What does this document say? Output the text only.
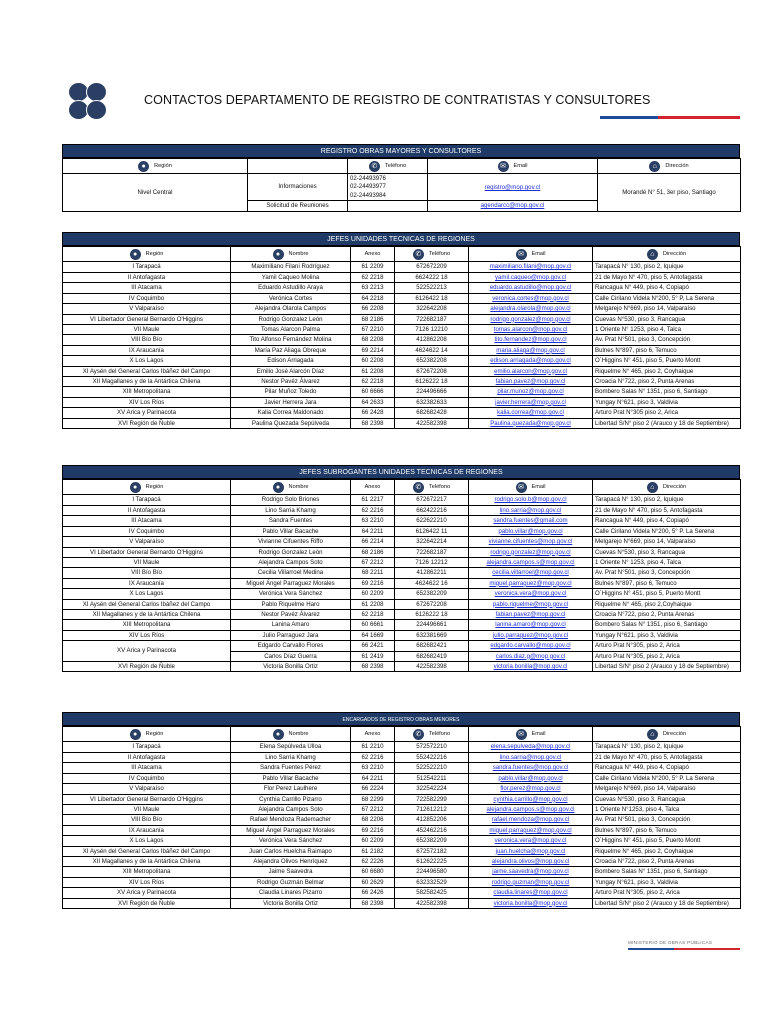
CONTACTOS DEPARTAMENTO DE REGISTRO DE CONTRATISTAS Y CONSULTORES
REGISTRO OBRAS MAYORES Y CONSULTORES
● Región		✆ Teléfono	✉ Email	⌂ Dirección
Nivel Central	Informaciones	02-24493976
02-24493977
02-24493984	registro@mop.gov.cl	Morandé N° 51, 3er piso, Santiago
	Solicitud de Reuniones		agendarcc@mop.gov.cl	
JEFES UNIDADES TECNICAS DE REGIONES
● Región	● Nombre	Anexo	✆ Teléfono	✉ Email	⌂ Dirección
I Tarapacá	Maximiliano Filani Rodríguez	61 2209	672672209	maximiliano.filani@mop.gov.cl	Tarapacá N° 130, piso 2, Iquique
II Antofagasta	Yamil Caqueo Molina	62 2218	6624222 18	yamil.caqueo@mop.gov.cl	21 de Mayo N° 470, piso 5, Antofagasta
III Atacama	Eduardo Astudillo Araya	63 2213	522522213	eduardo.astudillo@mop.gov.cl	Rancagua N° 449, piso 4, Copiapó
IV Coquimbo	Verónica Cortes	64 2218	6126422 18	veronica.cortes@mop.gov.cl	Calle Cirilano Videla N°200, 5° P, La Serena
V Valparaíso	Alejandra Olarola Campos	66 2208	322642208	alejandra.olarola@mop.gov.cl	Melgarejo N°669, piso 14, Valparaíso
VI Libertador General Bernardo O'Higgins	Rodrigo Gonzalez León	68 2186	722682187	rodrigo.gonzalez@mop.gov.cl	Cuevas N°530, piso 3, Rancagua
VII Maule	Tomas Alarcon Palma	67 2210	7126 12210	tomas.alarcon@mop.gov.cl	1 Oriente N° 1253, piso 4, Talca
VIII Bío Bío	Tito Alfonso Fernández Molina	68 2208	412862208	tito.fernandez@mop.gov.cl	Av. Prat N°501, piso 3, Concepción
IX Araucanía	María Paz Aliaga Obreque	69 2214	4624622 14	maria.aliaga@mop.gov.cl	Bulnes N°897, piso 6, Temuco
X Los Lagos	Edison Arriagada	60 2208	652382208	edison.arriagada@mop.gov.cl	O´Higgins N° 451, piso 5, Puerto Montt
XI Aysén del General Carlos Ibáñez del Campo	Emilio José Alarcón Díaz	61 2208	672672208	emilio.alarcon@mop.gov.cl	Riquelme N° 465, piso 2, Coyhaique
XII Magallanes y de la Antártica Chilena	Nestor Pavéz Álvarez	62 2218	6126222 18	fabian.pavez@mop.gov.cl	Croacia N°722, piso 2, Punta Arenas
XIII Metropolitana	Pilar Muñoz Toledo	60 6666	224496666	pilar.munoz@mop.gov.cl	Bombero Salas N° 1351, piso 6, Santiago
XIV Los Ríos	Javier Herrera Jara	64 2633	632382633	javier.herrera@mop.gov.cl	Yungay N°621, piso 3, Valdivia
XV Arica y Parinacota	Kalia Correa Maldonado	66 2428	682682428	kalia.correa@mop.gov.cl	Arturo Prat N°305 piso 2, Arica
XVI Región de Ñuble	Paulina Quezada Sepúlveda	68 2398	422582398	Paulina.quezada@mop.gov.cl	Libertad S/N° piso 2 (Arauco y 18 de Septiembre)
JEFES SUBROGANTES UNIDADES TECNICAS DE REGIONES
● Región	● Nombre	Anexo	✆ Teléfono	✉ Email	⌂ Dirección
I Tarapacá	Rodrigo Solo Briones	61 2217	672672217	rodrigo.solo.b@mop.gov.cl	Tarapacá N° 130, piso 2, Iquique
II Antofagasta	Lino Sarria Khamg	62 2216	662422216	lino.sarria@mop.gov.cl	21 de Mayo N° 470, piso 5, Antofagasta
III Atacama	Sandra Fuentes	63 2210	622622210	sandra.fuentes@gmail.com	Rancagua N° 449, piso 4, Copiapó
IV Coquimbo	Pablo Villar Bacache	64 2211	6126422 11	pablo.villar@mop.gov.cl	Calle Cirilano Videla N°200, 5° P. La Serena
V Valparaíso	Vivianne Cifuentes Riffo	66 2214	322642214	vivianne.cifuentes@mop.gov.cl	Melgarejo N°669, piso 14, Valparaíso
VI Libertador General Bernardo O'Higgins	Rodrigo Gonzalez León	68 2186	722682187	rodrigo.gonzalez@mop.gov.cl	Cuevas N°530, piso 3, Rancagua
VII Maule	Alejandra Campos Soto	67 2212	7126 12212	alejandra.campos.s@mop.gov.cl	1 Oriente N° 1253, piso 4, Talca
VIII Bío Bío	Cecilia Villarroel Medina	68 2211	412862211	cecilia.villarroel@mop.gov.cl	Av. Prat N°501, piso 3, Concepción
IX Araucanía	Miguel Ángel Parraguez Morales	69 2216	4624622 16	miguel.parraguez@mop.gov.cl	Bulnes N°897, piso 6, Temuco
X Los Lagos	Verónica Vera Sánchez	60 2209	652382209	veronica.vera@mop.gov.cl	O´Higgins N° 451, piso 5, Puerto Montt
XI Aysén del General Carlos Ibáñez del Campo	Pablo Riquelme Haro	61 2208	672672208	pablo.riquelme@mop.gov.cl	Riquelme N° 465, piso 2,Coyhaique
XII Magallanes y de la Antártica Chilena	Nestor Pavéz Álvarez	62 2218	6126222 18	fabian.pavez@mop.gov.cl	Croacia N°722, piso 2, Punta Arenas
XIII Metropolitana	Lanina Amaro	60 6661	224496661	lanina.amaro@mop.gov.cl	Bombero Salas N° 1351, piso 6, Santiago
XIV Los Ríos	Julio Parraguez Jara	64 1669	632381669	julio.parraguez@mop.gov.cl	Yungay N°621, piso 3, Valdivia
XV Arica y Parinacota	Edgardo Carvallo Flores	66 2421	682682421	edgardo.carvallo@mop.gov.cl	Arturo Prat N°305, piso 2, Arica
	Carlos Díaz Guerra	61 2419	682682419	carlos.diaz.g@mop.gov.cl	Arturo Prat N°305, piso 2, Arica
XVI Región de Ñuble	Victoria Bonilla Ortiz	68 2398	422582398	victoria.bonilla@mop.gov.cl	Libertad S/N° piso 2 (Arauco y 18 de Septiembre)
ENCARGADOS DE REGISTRO OBRAS MENORES
● Región	● Nombre	Anexo	✆ Teléfono	✉ Email	⌂ Dirección
I Tarapacá	Elena Sepúlveda Ulloa	61 2210	572572210	elena.sepulveda@mop.gov.cl	Tarapacá N° 130, piso 2, Iquique
II Antofagasta	Lino Sarria Khamg	62 2216	552422216	lino.sarria@mop.gov.cl	21 de Mayo N° 470, piso 5, Antofagasta
III Atacama	Sandra Fuentes Pérez	63 2210	522522210	sandra.fuentes@mop.gov.cl	Rancagua N° 449, piso 4, Copiapó
IV Coquimbo	Pablo Villar Bacache	64 2211	512542211	pablo.villar@mop.gov.cl	Calle Cirilano Videla N°200, 5° P. La Serena
V Valparaíso	Flor Perez Laulhere	66 2224	322542224	flor.perez@mop.gov.cl	Melgarejo N°669, piso 14, Valparaíso
VI Libertador General Bernardo O'Higgins	Cynthia Carrillo Pizarro	68 2299	722582299	cynthia.carrillo@mop.gov.cl	Cuevas N°530, piso 3, Rancagua
VII Maule	Alejandra Campos Soto	67 2212	712612212	alejandra.campos.s@mop.gov.cl	1 Oriente N°1253, piso 4, Talca
VIII Bío Bío	Rafael Mendoza Rademacher	68 2206	412852206	rafael.mendoza@mop.gov.cl	Av. Prat N°501, piso 3, Concepción
IX Araucanía	Miguel Ángel Parraguez Morales	69 2216	452462216	miguel.parraguez@mop.gov.cl	Bulnes N°897, piso 6, Temuco
X Los Lagos	Verónica Vera Sánchez	60 2209	652382209	veronica.vera@mop.gov.cl	O´Higgins N° 451, piso 5, Puerto Montt
XI Aysén del General Carlos Ibáñez del Campo	Juan Carlos Huelcha Raimapo	61 2182	672572182	juan.huelcha@mop.gov.cl	Riquelme N° 465, piso 2, Coyhaique
XII Magallanes y de la Antártica Chilena	Alejandra Olivos Henríquez	62 2226	612622225	alejandra.olivos@mop.gov.cl	Croacia N°722, piso 2, Punta Arenas
XIII Metropolitana	Jaime Saavedra	60 6680	224496580	jaime.saavedra@mop.gov.cl	Bombero Salas N° 1351, piso 6, Santiago
XIV Los Ríos	Rodrigo Guzmán Belmar	60 2629	632332529	rodrigo.guzman@mop.gov.cl	Yungay N°621, piso 3, Valdivia
XV Arica y Parinacota	Claudia Linares Pizarro	66 2426	582582425	claudia.linares@mop.gov.cl	Arturo Prat N°305, piso 2, Arica
XVI Región de Ñuble	Victoria Bonilla Ortiz	68 2398	422582398	victoria.bonilla@mop.gov.cl	Libertad S/N° piso 2 (Arauco y 18 de Septiembre)
MINISTERIO DE OBRAS PÚBLICAS
